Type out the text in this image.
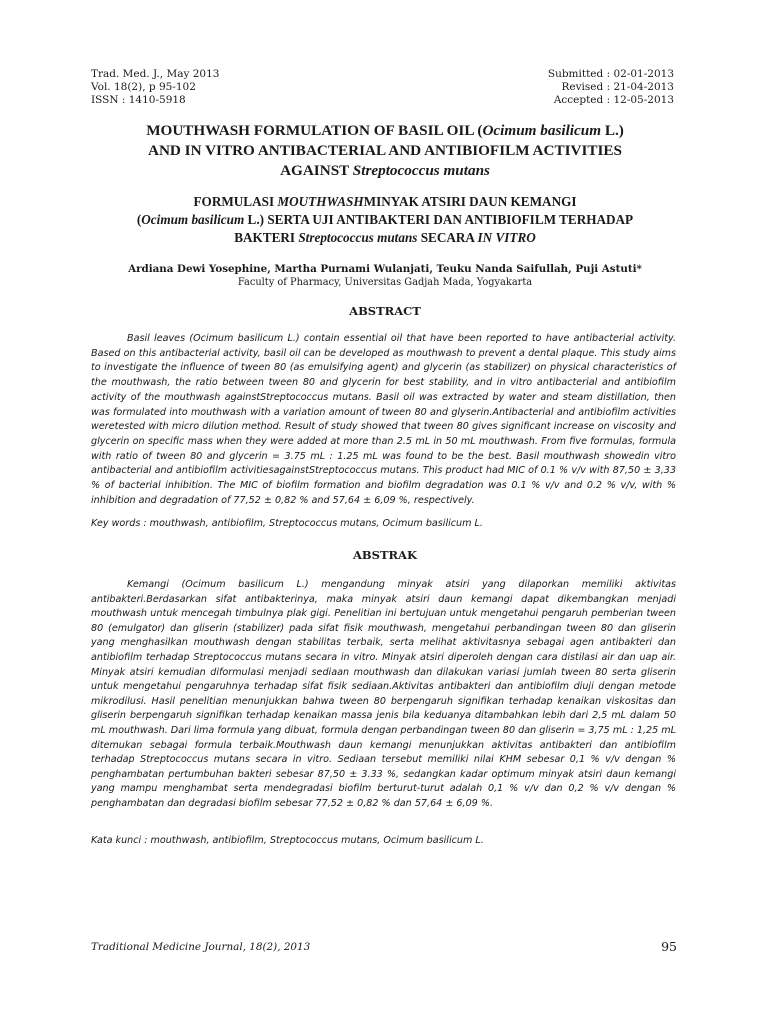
Trad. Med. J., May 2013
Vol. 18(2), p 95-102
ISSN : 1410-5918
Submitted : 02-01-2013
Revised : 21-04-2013
Accepted : 12-05-2013
MOUTHWASH FORMULATION OF BASIL OIL (Ocimum basilicum L.)
AND IN VITRO ANTIBACTERIAL AND ANTIBIOFILM ACTIVITIES
AGAINST Streptococcus mutans
FORMULASI MOUTHWASHMINYAK ATSIRI DAUN KEMANGI
(Ocimum basilicum L.) SERTA UJI ANTIBAKTERI DAN ANTIBIOFILM TERHADAP
BAKTERI Streptococcus mutans SECARA IN VITRO
Ardiana Dewi Yosephine, Martha Purnami Wulanjati, Teuku Nanda Saifullah, Puji Astuti*
Faculty of Pharmacy, Universitas Gadjah Mada, Yogyakarta
ABSTRACT
Basil leaves (Ocimum basilicum L.) contain essential oil that have been reported to have antibacterial activity. Based on this antibacterial activity, basil oil can be developed as mouthwash to prevent a dental plaque. This study aims to investigate the influence of tween 80 (as emulsifying agent) and glycerin (as stabilizer) on physical characteristics of the mouthwash, the ratio between tween 80 and glycerin for best stability, and in vitro antibacterial and antibiofilm activity of the mouthwash againstStreptococcus mutans. Basil oil was extracted by water and steam distillation, then was formulated into mouthwash with a variation amount of tween 80 and glyserin.Antibacterial and antibiofilm activities weretested with micro dilution method. Result of study showed that tween 80 gives significant increase on viscosity and glycerin on specific mass when they were added at more than 2.5 mL in 50 mL mouthwash. From five formulas, formula with ratio of tween 80 and glycerin = 3.75 mL : 1.25 mL was found to be the best. Basil mouthwash showedin vitro antibacterial and antibiofilm activitiesagainstStreptococcus mutans. This product had MIC of 0.1 % v/v with 87,50 ± 3,33 % of bacterial inhibition. The MIC of biofilm formation and biofilm degradation was 0.1 % v/v and 0.2 % v/v, with % inhibition and degradation of 77,52 ± 0,82 % and 57,64 ± 6,09 %, respectively.
Key words : mouthwash, antibiofilm, Streptococcus mutans, Ocimum basilicum L.
ABSTRAK
Kemangi (Ocimum basilicum L.) mengandung minyak atsiri yang dilaporkan memiliki aktivitas antibakteri.Berdasarkan sifat antibakterinya, maka minyak atsiri daun kemangi dapat dikembangkan menjadi mouthwash untuk mencegah timbulnya plak gigi. Penelitian ini bertujuan untuk mengetahui pengaruh pemberian tween 80 (emulgator) dan gliserin (stabilizer) pada sifat fisik mouthwash, mengetahui perbandingan tween 80 dan gliserin yang menghasilkan mouthwash dengan stabilitas terbaik, serta melihat aktivitasnya sebagai agen antibakteri dan antibiofilm terhadap Streptococcus mutans secara in vitro. Minyak atsiri diperoleh dengan cara distilasi air dan uap air. Minyak atsiri kemudian diformulasi menjadi sediaan mouthwash dan dilakukan variasi jumlah tween 80 serta gliserin untuk mengetahui pengaruhnya terhadap sifat fisik sediaan.Aktivitas antibakteri dan antibiofilm diuji dengan metode mikrodilusi. Hasil penelitian menunjukkan bahwa tween 80 berpengaruh signifikan terhadap kenaikan viskositas dan gliserin berpengaruh signifikan terhadap kenaikan massa jenis bila keduanya ditambahkan lebih dari 2,5 mL dalam 50 mL mouthwash. Dari lima formula yang dibuat, formula dengan perbandingan tween 80 dan gliserin = 3,75 mL : 1,25 mL ditemukan sebagai formula terbaik.Mouthwash daun kemangi menunjukkan aktivitas antibakteri dan antibiofilm terhadap Streptococcus mutans secara in vitro. Sediaan tersebut memiliki nilai KHM sebesar 0,1 % v/v dengan % penghambatan pertumbuhan bakteri sebesar 87,50 ± 3.33 %, sedangkan kadar optimum minyak atsiri daun kemangi yang mampu menghambat serta mendegradasi biofilm berturut-turut adalah 0,1 % v/v dan 0,2 % v/v dengan % penghambatan dan degradasi biofilm sebesar 77,52 ± 0,82 % dan 57,64 ± 6,09 %.
Kata kunci : mouthwash, antibiofilm, Streptococcus mutans, Ocimum basilicum L.
Traditional Medicine Journal, 18(2), 2013	95
